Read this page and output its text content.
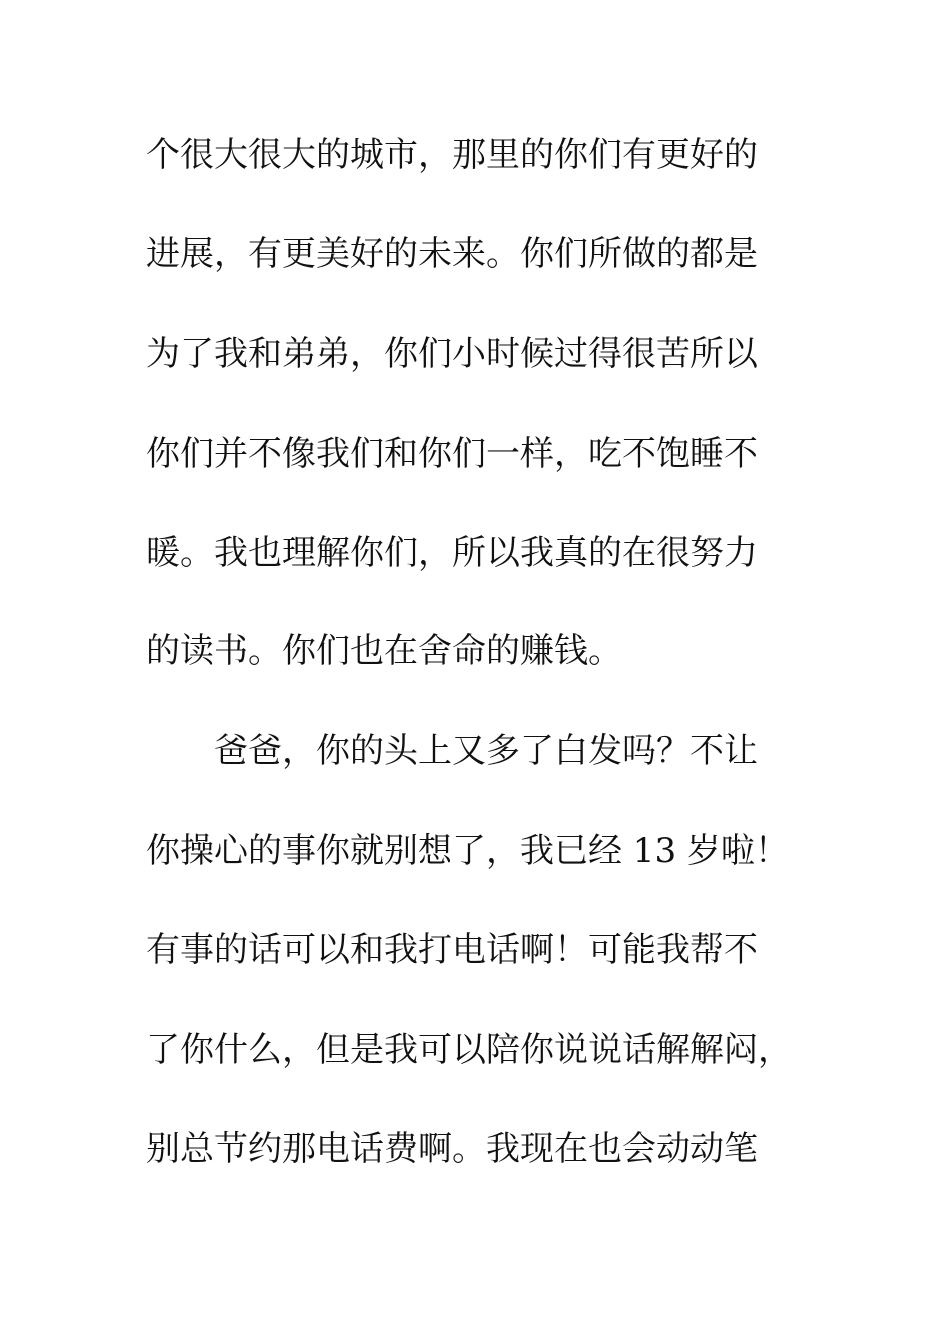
个很大很大的城市，那里的你们有更好的
进展，有更美好的未来。你们所做的都是
为了我和弟弟，你们小时候过得很苦所以
你们并不像我们和你们一样，吃不饱睡不
暖。我也理解你们，所以我真的在很努力
的读书。你们也在舍命的赚钱。
爸爸，你的头上又多了白发吗？不让
你操心的事你就别想了，我已经 13 岁啦！
有事的话可以和我打电话啊！可能我帮不
了你什么，但是我可以陪你说说话解解闷，
别总节约那电话费啊。我现在也会动动笔
